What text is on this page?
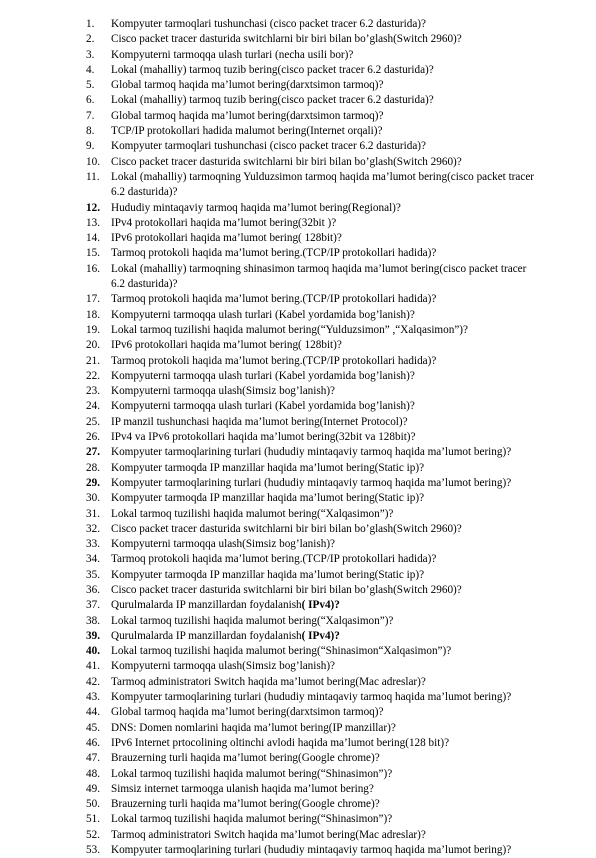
1.	Kompyuter tarmoqlari tushunchasi (cisco packet tracer 6.2 dasturida)?
2.	Cisco packet tracer dasturida switchlarni bir biri bilan bo’glash(Switch 2960)?
3.	Kompyuterni tarmoqqa ulash turlari (necha usili bor)?
4.	Lokal (mahalliy) tarmoq tuzib bering(cisco packet tracer 6.2 dasturida)?
5.	Global tarmoq haqida ma’lumot bering(darxtsimon tarmoq)?
6.	Lokal (mahalliy) tarmoq tuzib bering(cisco packet tracer 6.2 dasturida)?
7.	Global tarmoq haqida ma’lumot bering(darxtsimon tarmoq)?
8.	TCP/IP protokollari hadida malumot bering(Internet orqali)?
9.	Kompyuter tarmoqlari tushunchasi (cisco packet tracer 6.2 dasturida)?
10. Cisco packet tracer dasturida switchlarni bir biri bilan bo’glash(Switch 2960)?
11.	Lokal (mahalliy) tarmoqning Yulduzsimon tarmoq haqida ma’lumot bering(cisco packet tracer 6.2 dasturida)?
12. Hududiy mintaqaviy tarmoq haqida ma’lumot bering(Regional)?
13. IPv4 protokollari haqida ma’lumot bering(32bit )?
14. IPv6 protokollari haqida ma’lumot bering( 128bit)?
15. Tarmoq protokoli haqida ma’lumot bering.(TCP/IP protokollari hadida)?
16. Lokal (mahalliy) tarmoqning shinasimon tarmoq haqida ma’lumot bering(cisco packet tracer 6.2 dasturida)?
17. Tarmoq protokoli haqida ma’lumot bering.(TCP/IP protokollari hadida)?
18. Kompyuterni tarmoqqa ulash turlari (Kabel yordamida bog’lanish)?
19. Lokal tarmoq tuzilishi haqida malumot bering(“Yulduzsimon” ,“Xalqasimon”)?
20. IPv6 protokollari haqida ma’lumot bering( 128bit)?
21. Tarmoq protokoli haqida ma’lumot bering.(TCP/IP protokollari hadida)?
22. Kompyuterni tarmoqqa ulash turlari (Kabel yordamida bog’lanish)?
23. Kompyuterni tarmoqqa ulash(Simsiz bog’lanish)?
24. Kompyuterni tarmoqqa ulash turlari (Kabel yordamida bog’lanish)?
25. IP manzil tushunchasi haqida ma’lumot bering(Internet Protocol)?
26. IPv4 va IPv6 protokollari haqida ma’lumot bering(32bit va 128bit)?
27. Kompyuter tarmoqlarining turlari (hududiy mintaqaviy tarmoq haqida ma’lumot bering)?
28. Kompyuter tarmoqda IP manzillar haqida ma’lumot bering(Static ip)?
29. Kompyuter tarmoqlarining turlari (hududiy mintaqaviy tarmoq haqida ma’lumot bering)?
30. Kompyuter tarmoqda IP manzillar haqida ma’lumot bering(Static ip)?
31. Lokal tarmoq tuzilishi haqida malumot bering(“Xalqasimon”)?
32. Cisco packet tracer dasturida switchlarni bir biri bilan bo’glash(Switch 2960)?
33. Kompyuterni tarmoqqa ulash(Simsiz bog’lanish)?
34. Tarmoq protokoli haqida ma’lumot bering.(TCP/IP protokollari hadida)?
35. Kompyuter tarmoqda IP manzillar haqida ma’lumot bering(Static ip)?
36. Cisco packet tracer dasturida switchlarni bir biri bilan bo’glash(Switch 2960)?
37. Qurulmalarda IP manzillardan foydalanish( IPv4)?
38. Lokal tarmoq tuzilishi haqida malumot bering(“Xalqasimon”)?
39. Qurulmalarda IP manzillardan foydalanish( IPv4)?
40. Lokal tarmoq tuzilishi haqida malumot bering(“Shinasimon“Xalqasimon”)?
41. Kompyuterni tarmoqqa ulash(Simsiz bog’lanish)?
42. Tarmoq administratori Switch haqida ma’lumot bering(Mac adreslar)?
43. Kompyuter tarmoqlarining turlari (hududiy mintaqaviy tarmoq haqida ma’lumot bering)?
44. Global tarmoq haqida ma’lumot bering(darxtsimon tarmoq)?
45. DNS: Domen nomlarini haqida ma’lumot bering(IP manzillar)?
46. IPv6 Internet prtocolining oltinchi avlodi haqida ma’lumot bering(128 bit)?
47. Brauzerning turli haqida ma’lumot bering(Google chrome)?
48. Lokal tarmoq tuzilishi haqida malumot bering(“Shinasimon”)?
49. Simsiz internet tarmoqga ulanish haqida ma’lumot bering?
50. Brauzerning turli haqida ma’lumot bering(Google chrome)?
51. Lokal tarmoq tuzilishi haqida malumot bering(“Shinasimon”)?
52. Tarmoq administratori Switch haqida ma’lumot bering(Mac adreslar)?
53. Kompyuter tarmoqlarining turlari (hududiy mintaqaviy tarmoq haqida ma’lumot bering)?
